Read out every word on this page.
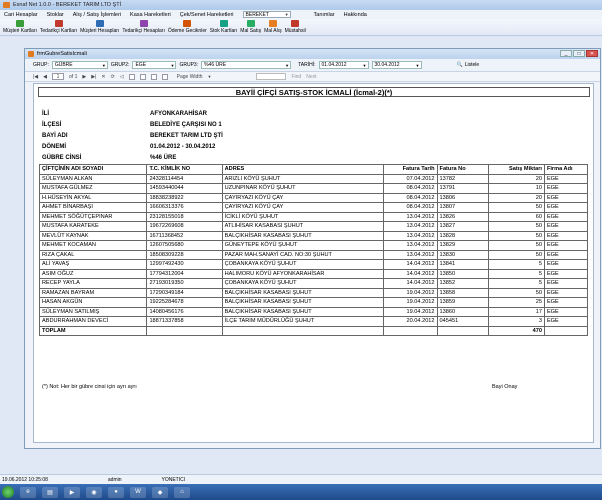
Esnaf Net 1.0.0 - BEREKET TARIM LTD ŞTİ
Cari Hesaplar Stoklar Alış / Satış İşlemleri Kasa Hareketleri Çek/Senet Hareketleri BEREKET	▼	Tanımlar Hakkında
Müşteri Kartları Tedarikçi Kartları Müşteri Hesapları Tedarikçi Hesapları Ödeme Geciknler Stok Kartları Mal Satış Mal Alış Müstahsil
frmGubreSatisIcmali	_	□	✕
GRUP: GÜBRE	▼ GRUP2: EGE	▼ GRUP3: %46 ÜRE	▼ TARİHİ: 01.04.2012	▼ 30.04.2012	▼	🔍 Listele
|◀ ◀	1	of 1 ▶ ▶| ✕ ⟳ ◁	Page Width ▼	Find Next
BAYİİ ÇİFÇİ SATIŞ-STOK İCMALİ (İcmal-2)(*)
İLİ	AFYONKARAHİSAR
İLÇESİ	BELEDİYE ÇARŞISI NO 1
BAYİ ADI	BEREKET TARIM LTD ŞTİ
DÖNEMİ	01.04.2012 - 30.04.2012
GÜBRE CİNSİ	%46 ÜRE
ÇİFTÇİNİN ADI SOYADI	T.C. KİMLİK NO	ADRES	Fatura Tarih	Fatura No	Satış Miktarı	Firma Adı
SÜLEYMAN ALKAN	24328114454	ARIZLI KÖYÜ ŞUHUT	07.04.2012	13782	20	EGE
MUSTAFA GÜLMEZ	14593440044	UZUNPINAR KÖYÜ ŞUHUT	08.04.2012	13791	10	EGE
H.HÜSEYİN AKYAL	18838238922	ÇAYIRYAZI KÖYÜ ÇAY	08.04.2012	13806	20	EGE
AHMET BİNARBAŞI	16606313376	ÇAYIRYAZI KÖYÜ ÇAY	08.04.2012	13807	50	EGE
MEHMET SÖĞÜTÇEPINAR	23128155018	İCİKLİ KÖYÜ ŞUHUT	13.04.2012	13826	60	EGE
MUSTAFA KARATEKE	19672269608	ATLIHİSAR KASABASI ŞUHUT	13.04.2012	13827	50	EGE
MEVLÜT KAYNAK	16711368452	BALÇIKHİSAR KASABASI ŞUHUT	13.04.2012	13828	50	EGE
MEHMET KOCAMAN	12607505680	GÜNEYTEPE KÖYÜ ŞUHUT	13.04.2012	13829	50	EGE
RIZA ÇAKAL	18508309228	PAZAR MAH.SANAYİ CAD. NO:30 ŞUHUT	13.04.2012	13830	50	EGE
ALİ YAVAŞ	12997492430	ÇOBANKAYA KÖYÜ ŞUHUT	14.04.2012	13841	5	EGE
ASIM OĞUZ	17794312004	HALIMORU KÖYÜ AFYONKARAHİSAR	14.04.2012	13850	5	EGE
RECEP YAYLA	27193019350	ÇOBANKAYA KÖYÜ ŞUHUT	14.04.2012	13852	5	EGE
RAMAZAN BAYRAM	17290349184	BALÇIKHİSAR KASABASI ŞUHUT	19.04.2012	13858	50	EGE
HASAN AKGÜN	19225284678	BALÇIKHİSAR KASABASI ŞUHUT	19.04.2012	13859	25	EGE
SÜLEYMAN SATILMIŞ	14080456176	BALÇIKHİSAR KASABASI ŞUHUT	19.04.2012	13860	17	EGE
ABDURRAHMAN DEVECİ	18871337858	İLÇE TARIM MÜDÜRLÜĞÜ ŞUHUT	20.04.2012	045451	3	EGE
TOPLAM					470	
(*) Not: Her bir gübre cinsi için ayrı ayrı	Bayi Onay
19.06.2012 10:25:08	admin	YONETICI
e	▤	▶	◉	●	W	◆	⌂
